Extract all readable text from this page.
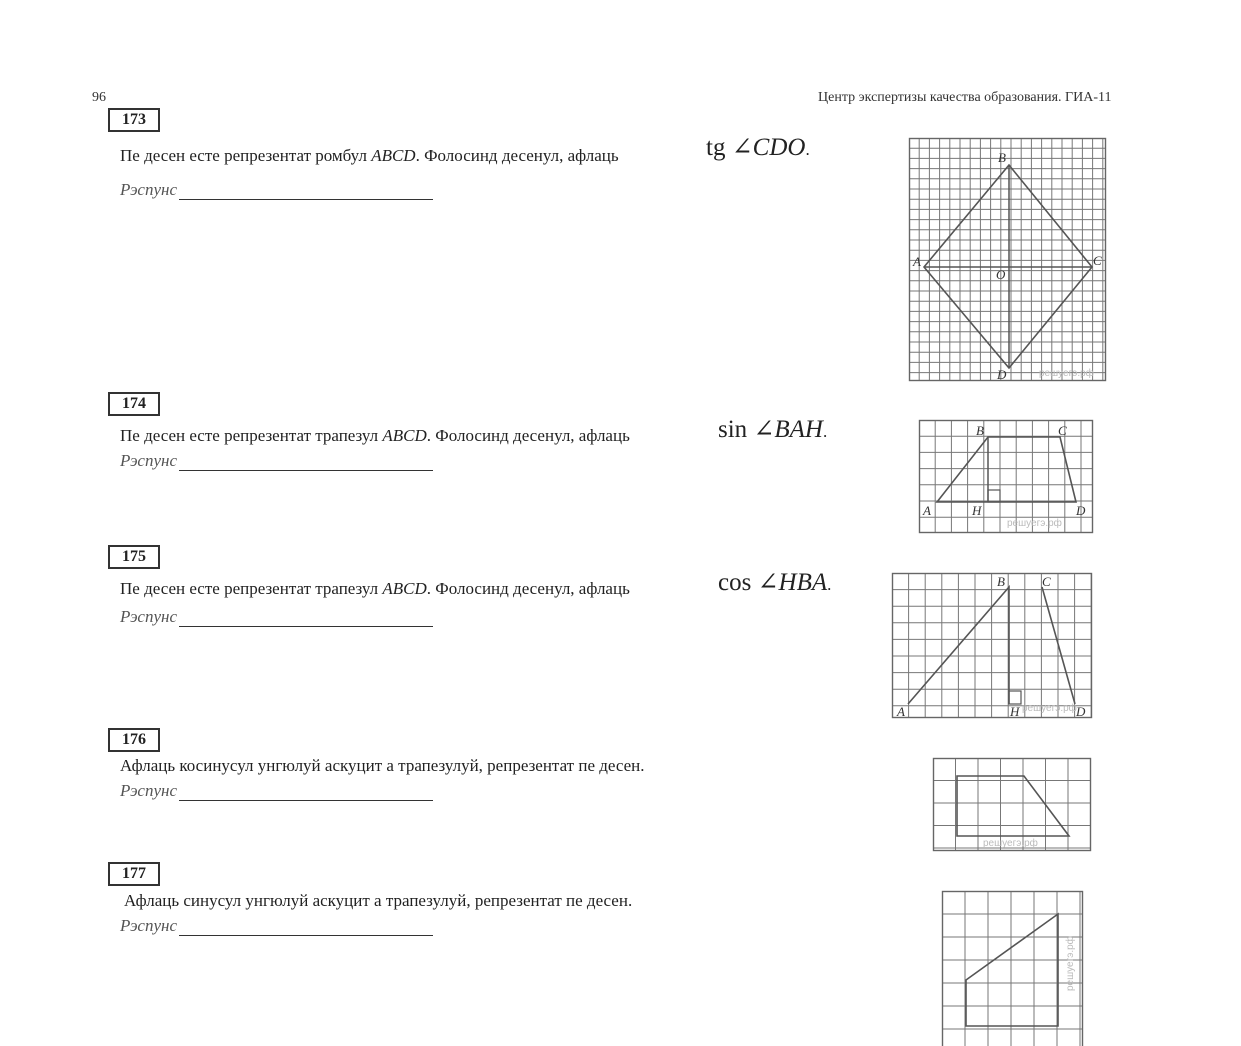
96	Центр экспертизы качества образования. ГИА-11
173
Пе десен есте репрезентат ромбул ABCD. Фолосинд десенул, афлаць	tg ∠CDO.
Рэспунс
B
A	C
O
D	решуегэ.рф
174
Пе десен есте репрезентат трапезул ABCD. Фолосинд десенул, афлаць	sin ∠BAH.
Рэспунс
B	C
A	H	D
решуегэ.рф
175
Пе десен есте репрезентат трапезул ABCD. Фолосинд десенул, афлаць	cos ∠HBA.
Рэспунс
B	C
A	H	D
решуегэ.рф
176
Афлаць косинусул унгюлуй аскуцит а трапезулуй, репрезентат пе десен.
Рэспунс
решуегэ.рф
177
Афлаць синусул унгюлуй аскуцит а трапезулуй, репрезентат пе десен.
Рэспунс
решуегэ.рф
